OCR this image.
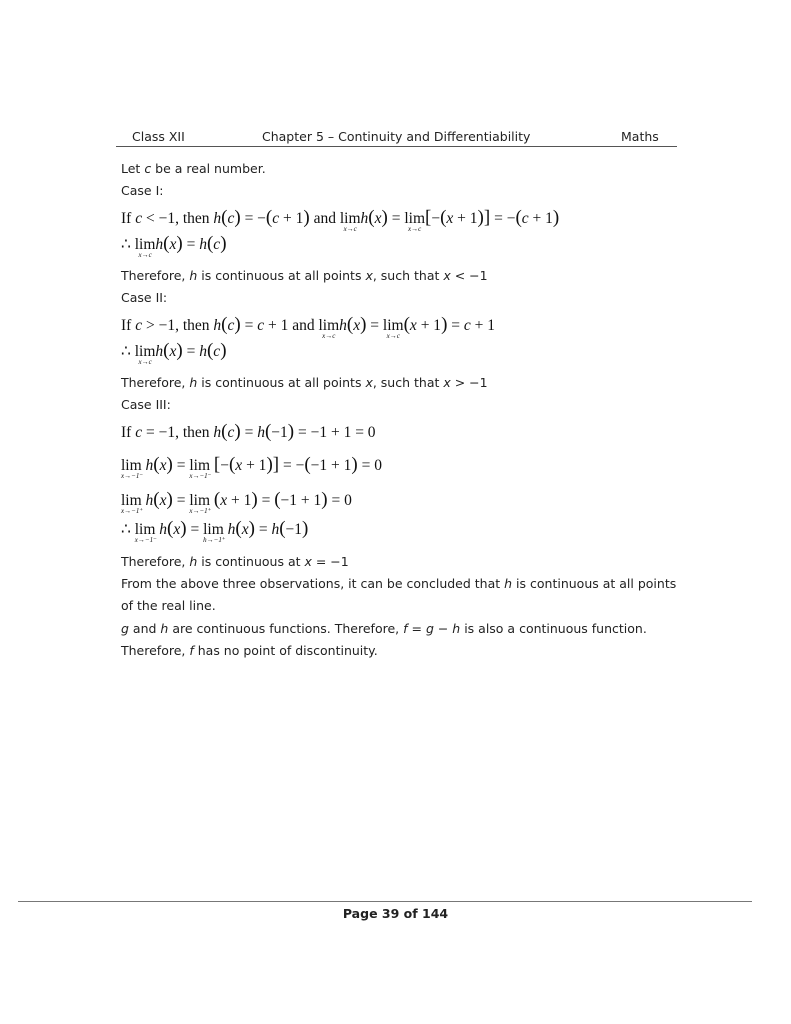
Class XII	Chapter 5 – Continuity and Differentiability	Maths
Let c be a real number.
Case I:
If c < −1, then h(c) = −(c + 1) and lim
x→c
h(x) = lim
x→c
[−(x + 1)] = −(c + 1)
∴ lim
x→c
h(x) = h(c)
Therefore, h is continuous at all points x, such that x < −1
Case II:
If c > −1, then h(c) = c + 1 and lim
x→c
h(x) = lim
x→c
(x + 1) = c + 1
∴ lim
x→c
h(x) = h(c)
Therefore, h is continuous at all points x, such that x > −1
Case III:
If c = −1, then h(c) = h(−1) = −1 + 1 = 0
lim
x→−1⁻
h(x) = lim
x→−1⁻
[−(x + 1)] = −(−1 + 1) = 0
lim
x→−1⁺
h(x) = lim
x→−1⁺
(x + 1) = (−1 + 1) = 0
∴ lim
x→−1⁻
h(x) = lim
h→−1⁺
h(x) = h(−1)
Therefore, h is continuous at x = −1
From the above three observations, it can be concluded that h is continuous at all points
of the real line.
g and h are continuous functions. Therefore, f = g − h is also a continuous function.
Therefore, f has no point of discontinuity.
Page 39 of 144
